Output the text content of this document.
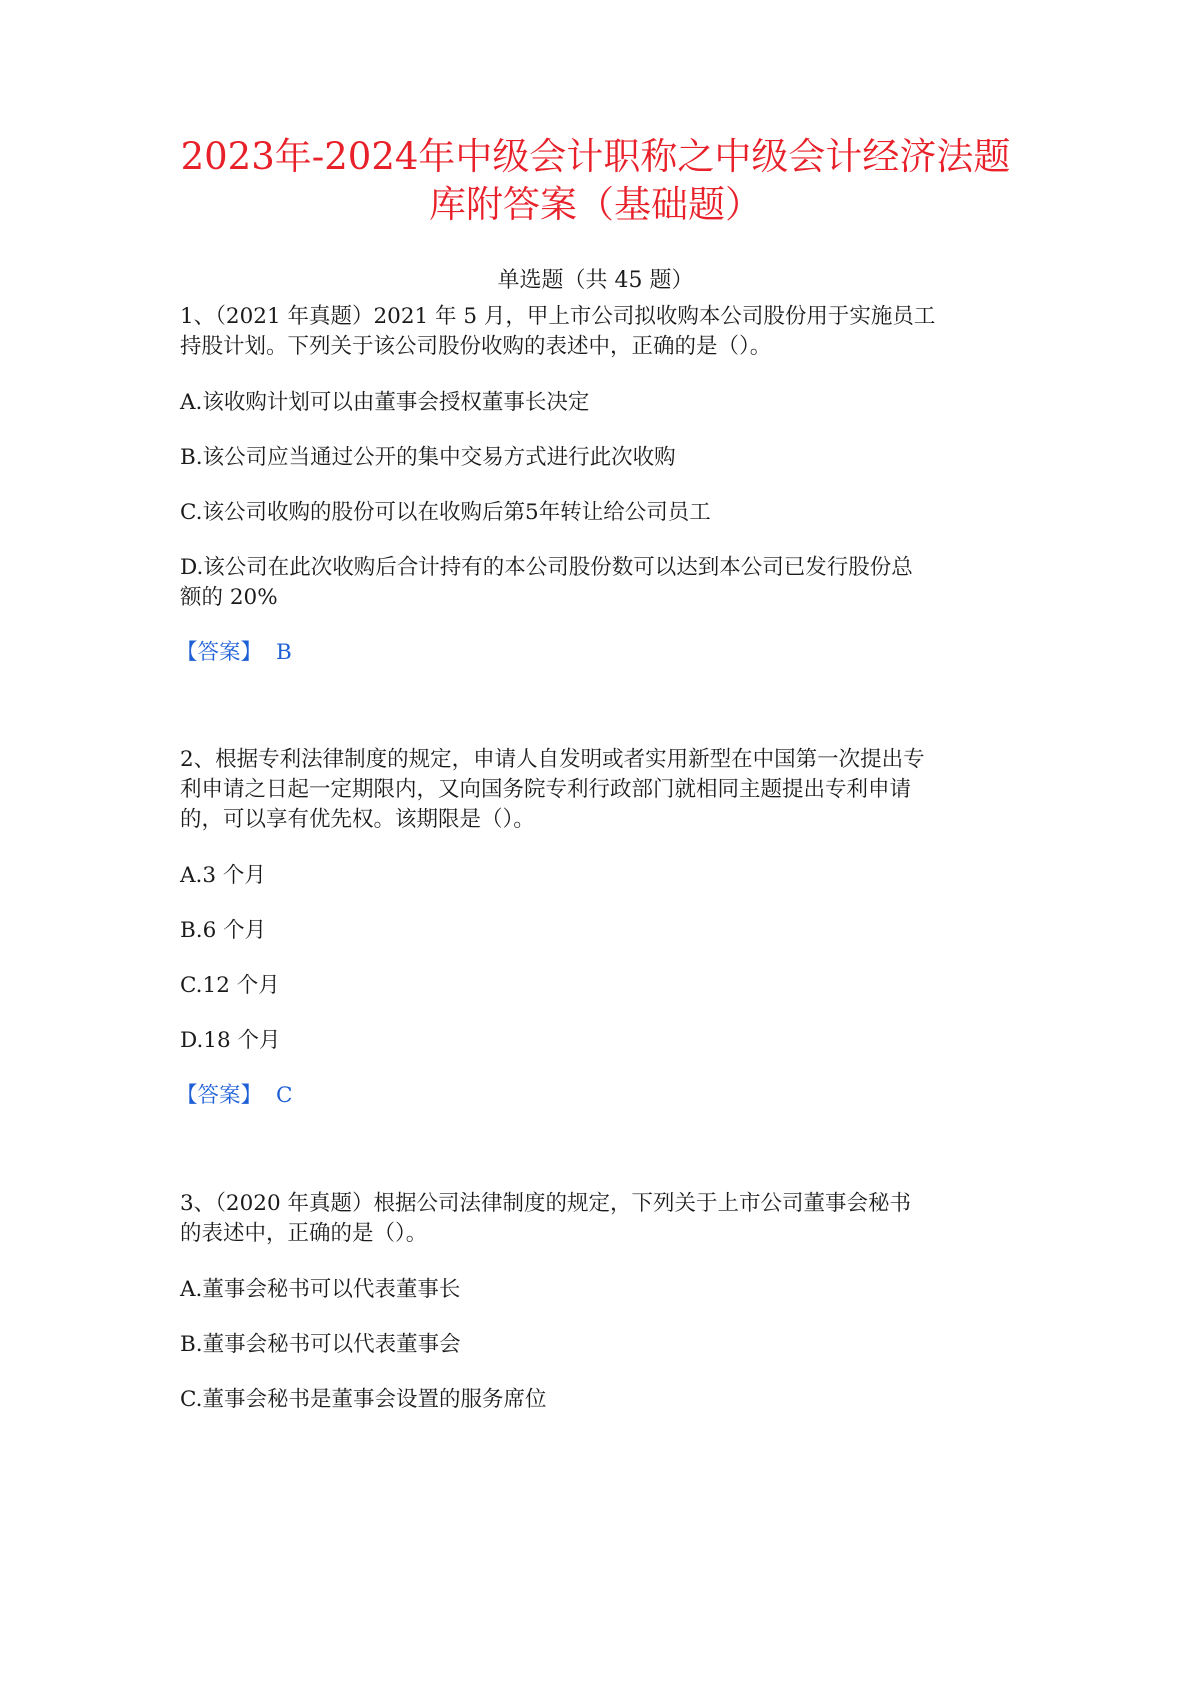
2023年-2024年中级会计职称之中级会计经济法题
库附答案（基础题）
单选题（共 45 题）
1、（2021 年真题）2021 年 5 月，甲上市公司拟收购本公司股份用于实施员工
持股计划。下列关于该公司股份收购的表述中，正确的是（）。
A.该收购计划可以由董事会授权董事长决定
B.该公司应当通过公开的集中交易方式进行此次收购
C.该公司收购的股份可以在收购后第5年转让给公司员工
D.该公司在此次收购后合计持有的本公司股份数可以达到本公司已发行股份总
额的 20%
【答案】 B
2、根据专利法律制度的规定，申请人自发明或者实用新型在中国第一次提出专
利申请之日起一定期限内，又向国务院专利行政部门就相同主题提出专利申请
的，可以享有优先权。该期限是（）。
A.3 个月
B.6 个月
C.12 个月
D.18 个月
【答案】 C
3、（2020 年真题）根据公司法律制度的规定，下列关于上市公司董事会秘书
的表述中，正确的是（）。
A.董事会秘书可以代表董事长
B.董事会秘书可以代表董事会
C.董事会秘书是董事会设置的服务席位
